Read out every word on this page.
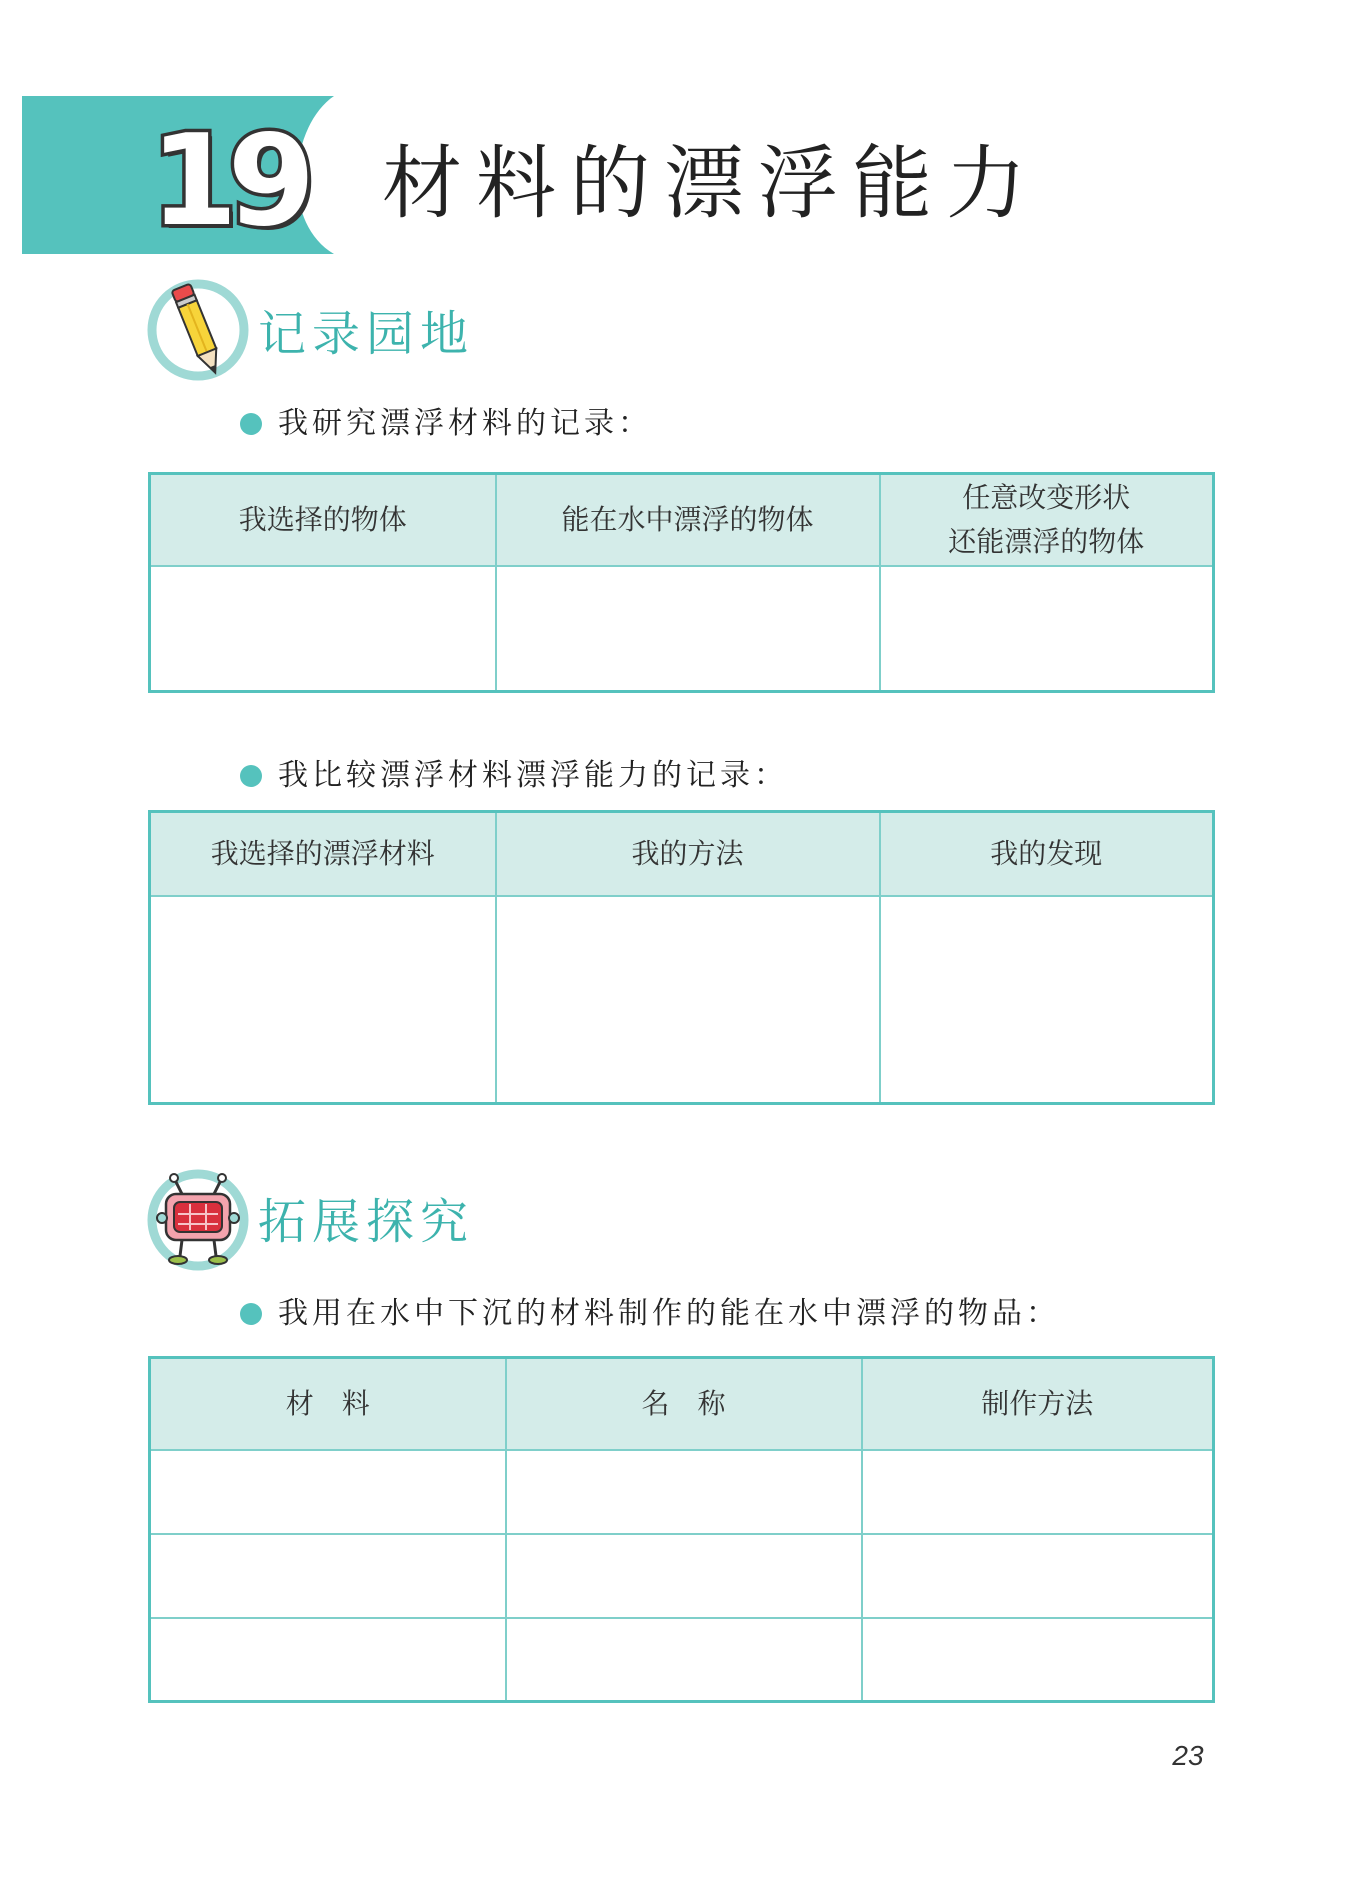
19 材料的漂浮能力
记录园地
我研究漂浮材料的记录：
我选择的物体	能在水中漂浮的物体	任意改变形状
还能漂浮的物体

我比较漂浮材料漂浮能力的记录：
我选择的漂浮材料	我的方法	我的发现

拓展探究
我用在水中下沉的材料制作的能在水中漂浮的物品：
材　料	名　称	制作方法

23
